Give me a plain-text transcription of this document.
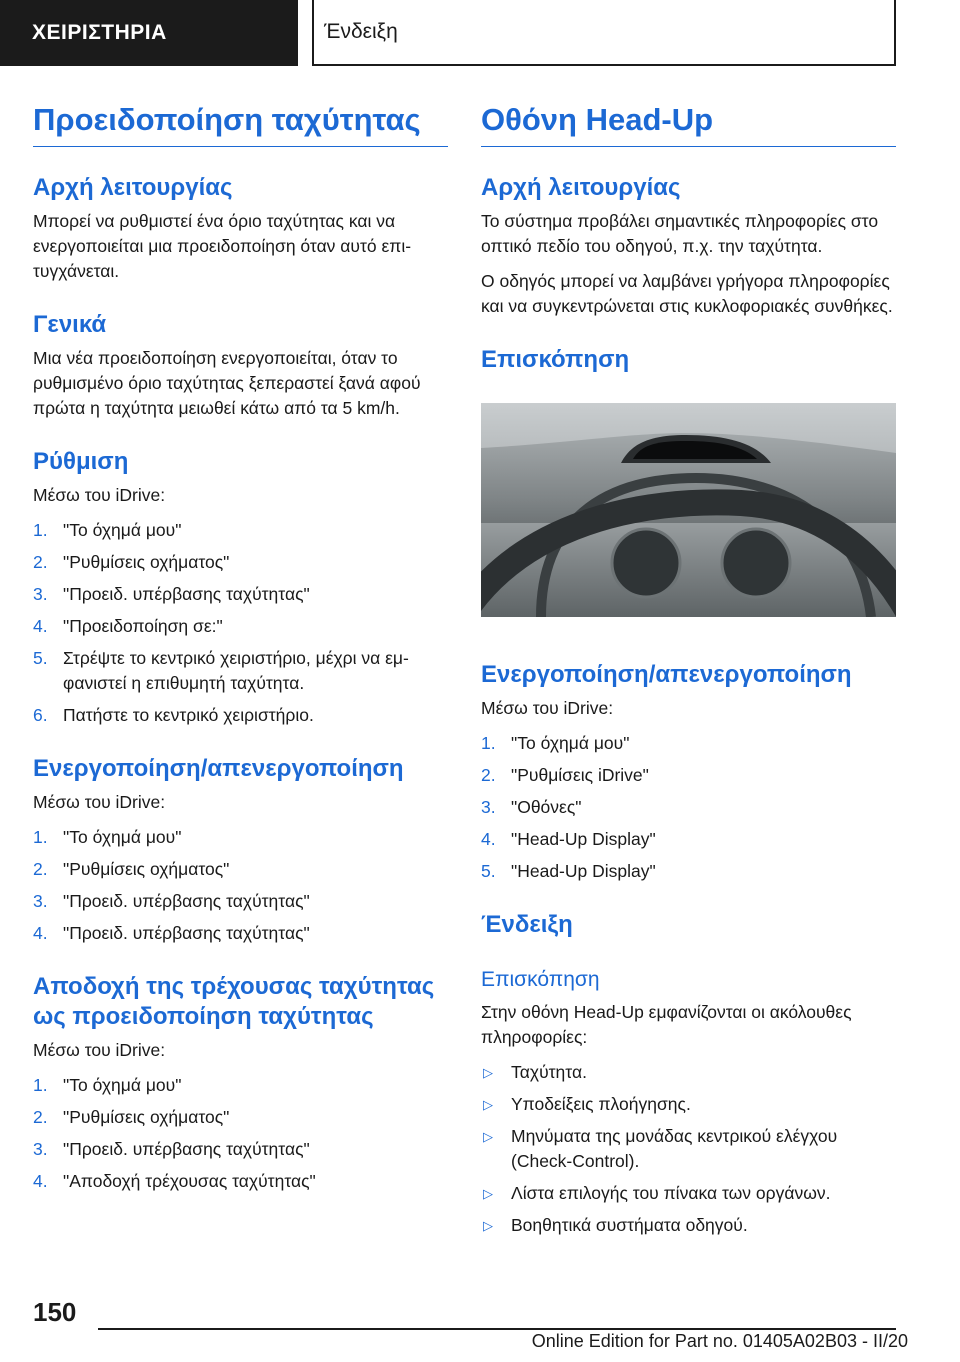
ΧΕΙΡΙΣΤΗΡΙΑ	Ένδειξη
Προειδοποίηση ταχύτητας
Αρχή λειτουργίας

Μπορεί να ρυθμιστεί ένα όριο ταχύτητας και να ενεργοποιείται μια προειδοποίηση όταν αυτό επιτυγχάνεται.

Γενικά

Μια νέα προειδοποίηση ενεργοποιείται, όταν το ρυθμισμένο όριο ταχύτητας ξεπεραστεί ξανά αφού πρώτα η ταχύτητα μειωθεί κάτω από τα 5 km/h.

Ρύθμιση

Μέσω του iDrive:

1. "Το όχημά μου"
2. "Ρυθμίσεις οχήματος"
3. "Προειδ. υπέρβασης ταχύτητας"
4. "Προειδοποίηση σε:"
5. Στρέψτε το κεντρικό χειριστήριο, μέχρι να εμφανιστεί η επιθυμητή ταχύτητα.
6. Πατήστε το κεντρικό χειριστήριο.
Ενεργοποίηση/απενεργοποίηση

Μέσω του iDrive:

1. "Το όχημά μου"
2. "Ρυθμίσεις οχήματος"
3. "Προειδ. υπέρβασης ταχύτητας"
4. "Προειδ. υπέρβασης ταχύτητας"
Αποδοχή της τρέχουσας ταχύτητας ως προειδοποίηση ταχύτητας

Μέσω του iDrive:

1. "Το όχημά μου"
2. "Ρυθμίσεις οχήματος"
3. "Προειδ. υπέρβασης ταχύτητας"
4. "Αποδοχή τρέχουσας ταχύτητας"
Οθόνη Head-Up
Αρχή λειτουργίας

Το σύστημα προβάλει σημαντικές πληροφορίες στο οπτικό πεδίο του οδηγού, π.χ. την ταχύτητα.

Ο οδηγός μπορεί να λαμβάνει γρήγορα πληροφορίες και να συγκεντρώνεται στις κυκλοφοριακές συνθήκες.

Επισκόπηση
Ενεργοποίηση/απενεργοποίηση

Μέσω του iDrive:

1. "Το όχημά μου"
2. "Ρυθμίσεις iDrive"
3. "Οθόνες"
4. "Head-Up Display"
5. "Head-Up Display"
Ένδειξη
Επισκόπηση

Στην οθόνη Head-Up εμφανίζονται οι ακόλουθες πληροφορίες:

▷ Ταχύτητα.
▷ Υποδείξεις πλοήγησης.
▷ Μηνύματα της μονάδας κεντρικού ελέγχου (Check-Control).
▷ Λίστα επιλογής του πίνακα των οργάνων.
▷ Βοηθητικά συστήματα οδηγού.
150
Online Edition for Part no. 01405A02B03 - II/20
